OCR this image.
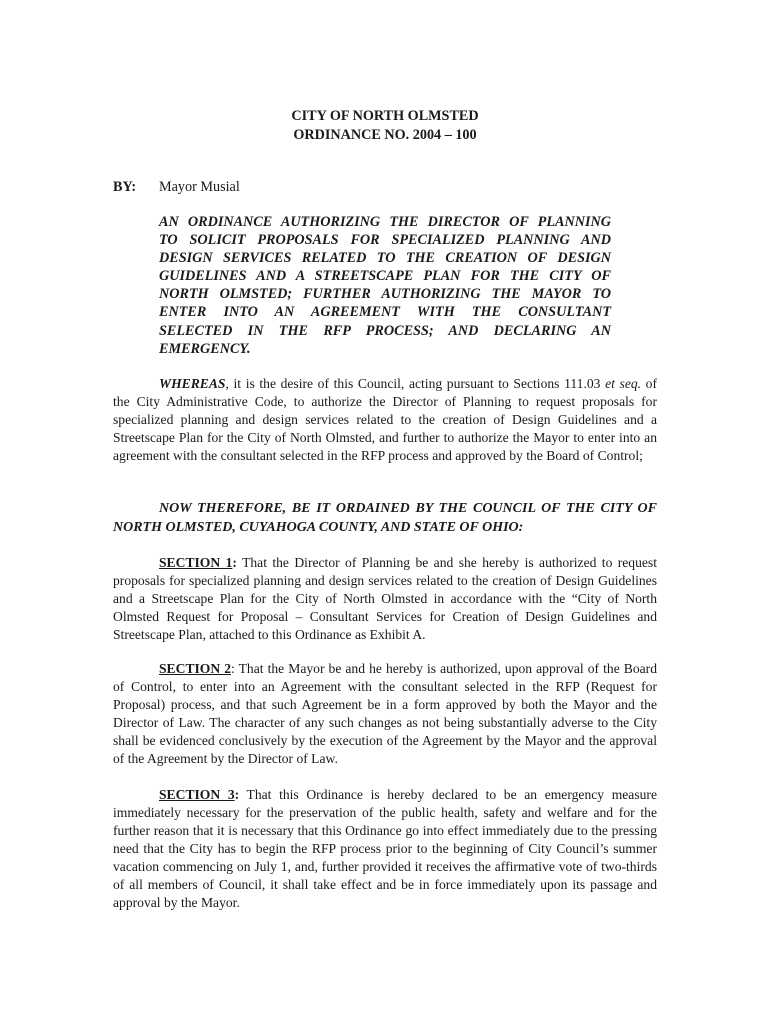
CITY OF NORTH OLMSTED
ORDINANCE NO. 2004 – 100
BY: Mayor Musial
AN ORDINANCE AUTHORIZING THE DIRECTOR OF PLANNING
TO SOLICIT PROPOSALS FOR SPECIALIZED PLANNING AND
DESIGN SERVICES RELATED TO THE CREATION OF DESIGN
GUIDELINES AND A STREETSCAPE PLAN FOR THE CITY OF
NORTH OLMSTED; FURTHER AUTHORIZING THE MAYOR TO
ENTER INTO AN AGREEMENT WITH THE CONSULTANT
SELECTED IN THE RFP PROCESS; AND DECLARING AN
EMERGENCY.
WHEREAS, it is the desire of this Council, acting pursuant to Sections 111.03 et seq. of the City Administrative Code, to authorize the Director of Planning to request proposals for specialized planning and design services related to the creation of Design Guidelines and a Streetscape Plan for the City of North Olmsted, and further to authorize the Mayor to enter into an agreement with the consultant selected in the RFP process and approved by the Board of Control;
NOW THEREFORE, BE IT ORDAINED BY THE COUNCIL OF THE CITY OF NORTH OLMSTED, CUYAHOGA COUNTY, AND STATE OF OHIO:
SECTION 1: That the Director of Planning be and she hereby is authorized to request proposals for specialized planning and design services related to the creation of Design Guidelines and a Streetscape Plan for the City of North Olmsted in accordance with the “City of North Olmsted Request for Proposal – Consultant Services for Creation of Design Guidelines and Streetscape Plan, attached to this Ordinance as Exhibit A.
SECTION 2: That the Mayor be and he hereby is authorized, upon approval of the Board of Control, to enter into an Agreement with the consultant selected in the RFP (Request for Proposal) process, and that such Agreement be in a form approved by both the Mayor and the Director of Law. The character of any such changes as not being substantially adverse to the City shall be evidenced conclusively by the execution of the Agreement by the Mayor and the approval of the Agreement by the Director of Law.
SECTION 3: That this Ordinance is hereby declared to be an emergency measure immediately necessary for the preservation of the public health, safety and welfare and for the further reason that it is necessary that this Ordinance go into effect immediately due to the pressing need that the City has to begin the RFP process prior to the beginning of City Council’s summer vacation commencing on July 1, and, further provided it receives the affirmative vote of two-thirds of all members of Council, it shall take effect and be in force immediately upon its passage and approval by the Mayor.
